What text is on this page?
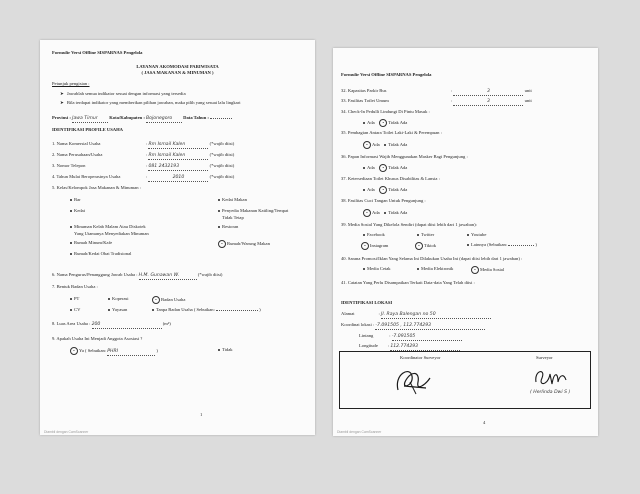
Formulir Versi Offline SISPARNAS Pengelola
LAYANAN AKOMODASI PARIWISATA
( JASA MAKANAN & MINUMAN )
Petunjuk pengisian :
➤ Jawablah semua indikator sesuai dengan informasi yang tersedia
➤ Bila terdapat indikator yang memberikan pilihan jawaban, maka pilih yang sesuai lalu lingkari
Provinsi : Jawa Timur	Kota/Kabupaten : Bojonegoro Data Tahun :
IDENTIFIKASI PROFILE USAHA
1. Nama Komersial Usaha	: Rm Ismail Kalen	(*wajib diisi)
2. Nama Perusahaan/Usaha	: Rm Ismail Kalen	(*wajib diisi)
3. Nomor Telepon	: 081 2432193	(*wajib diisi)
4. Tahun Mulai Beroperasinya Usaha	:	2010	(*wajib diisi)
5. Kelas/Kelompok Jasa Makanan & Minuman :
Bar
Kedai
Minuman Kelab Malam Atau Diskotek
Yang Utamanya Menyediakan Minuman
Rumah Minum/Kafe
Rumah/Kedai Obat Tradisional
Kedai Makan
Penyedia Makanan Katiling/Tempat
Tidak Tetap
Restoran
• Rumah/Warung Makan
6. Nama Pengurus/Penanggung Jawab Usaha : H.M. Gunawan W.	(*wajib diisi)
7. Bentuk Badan Usaha :
PT	Koperasi	• Badan Usaha
CV	Yayasan	Tanpa Badan Usaha ( Sebutkan:	)
8. Luas Area Usaha : 200	(m²)
9. Apakah Usaha Ini Menjadi Anggota Asosiasi ?
• Ya ( Sebutkan: PHRI	)	Tidak
1
Diambil dengan CamScanner
Formulir Versi Offline SISPARNAS Pengelola
32. Kapasitas Parkir Bus	:	3	unit
33. Fasilitas Toilet Umum	:	3	unit
34. Check-In Pedulli Lindungi Di Pintu Masuk :
Ada • Tidak Ada
35. Pembagian Antara Toilet Laki-Laki & Perempuan :
• Ada Tidak Ada
36. Papan Informasi Wajib Menggunakan Masker Bagi Pengunjung :
Ada • Tidak Ada
37. Ketersediaan Toilet Khusus Disabilitas & Lansia :
Ada • Tidak Ada
38. Fasilitas Cuci Tangan Untuk Pengunjung :
• Ada Tidak Ada
39. Media Sosial Yang Dikelola Sendiri (dapat diisi lebih dari 1 jawaban):
Facebook	Twitter	Youtube
• Instagram	• Tiktok	Lainnya (Sebutkan:	)
40. Sarana Promosi/Iklan Yang Selama Ini Dilakukan Usaha Ini (dapat diisi lebih dari 1 jawaban) :
Media Cetak	Media Elektronik	• Media Sosial
41. Catatan Yang Perlu Disampaikan Terkait Data-data Yang Telah diisi :
IDENTIFIKASI LOKASI
Alamat	: Jl. Raya Balengan no 50
Koordinat lokasi : -7.091505 , 112.774293
Lintang	: -7.091505
Longitude : 112.774293
Koordinator Surveyor	Surveyor
( Herlinda Dwi S )
4
Diambil dengan CamScanner
